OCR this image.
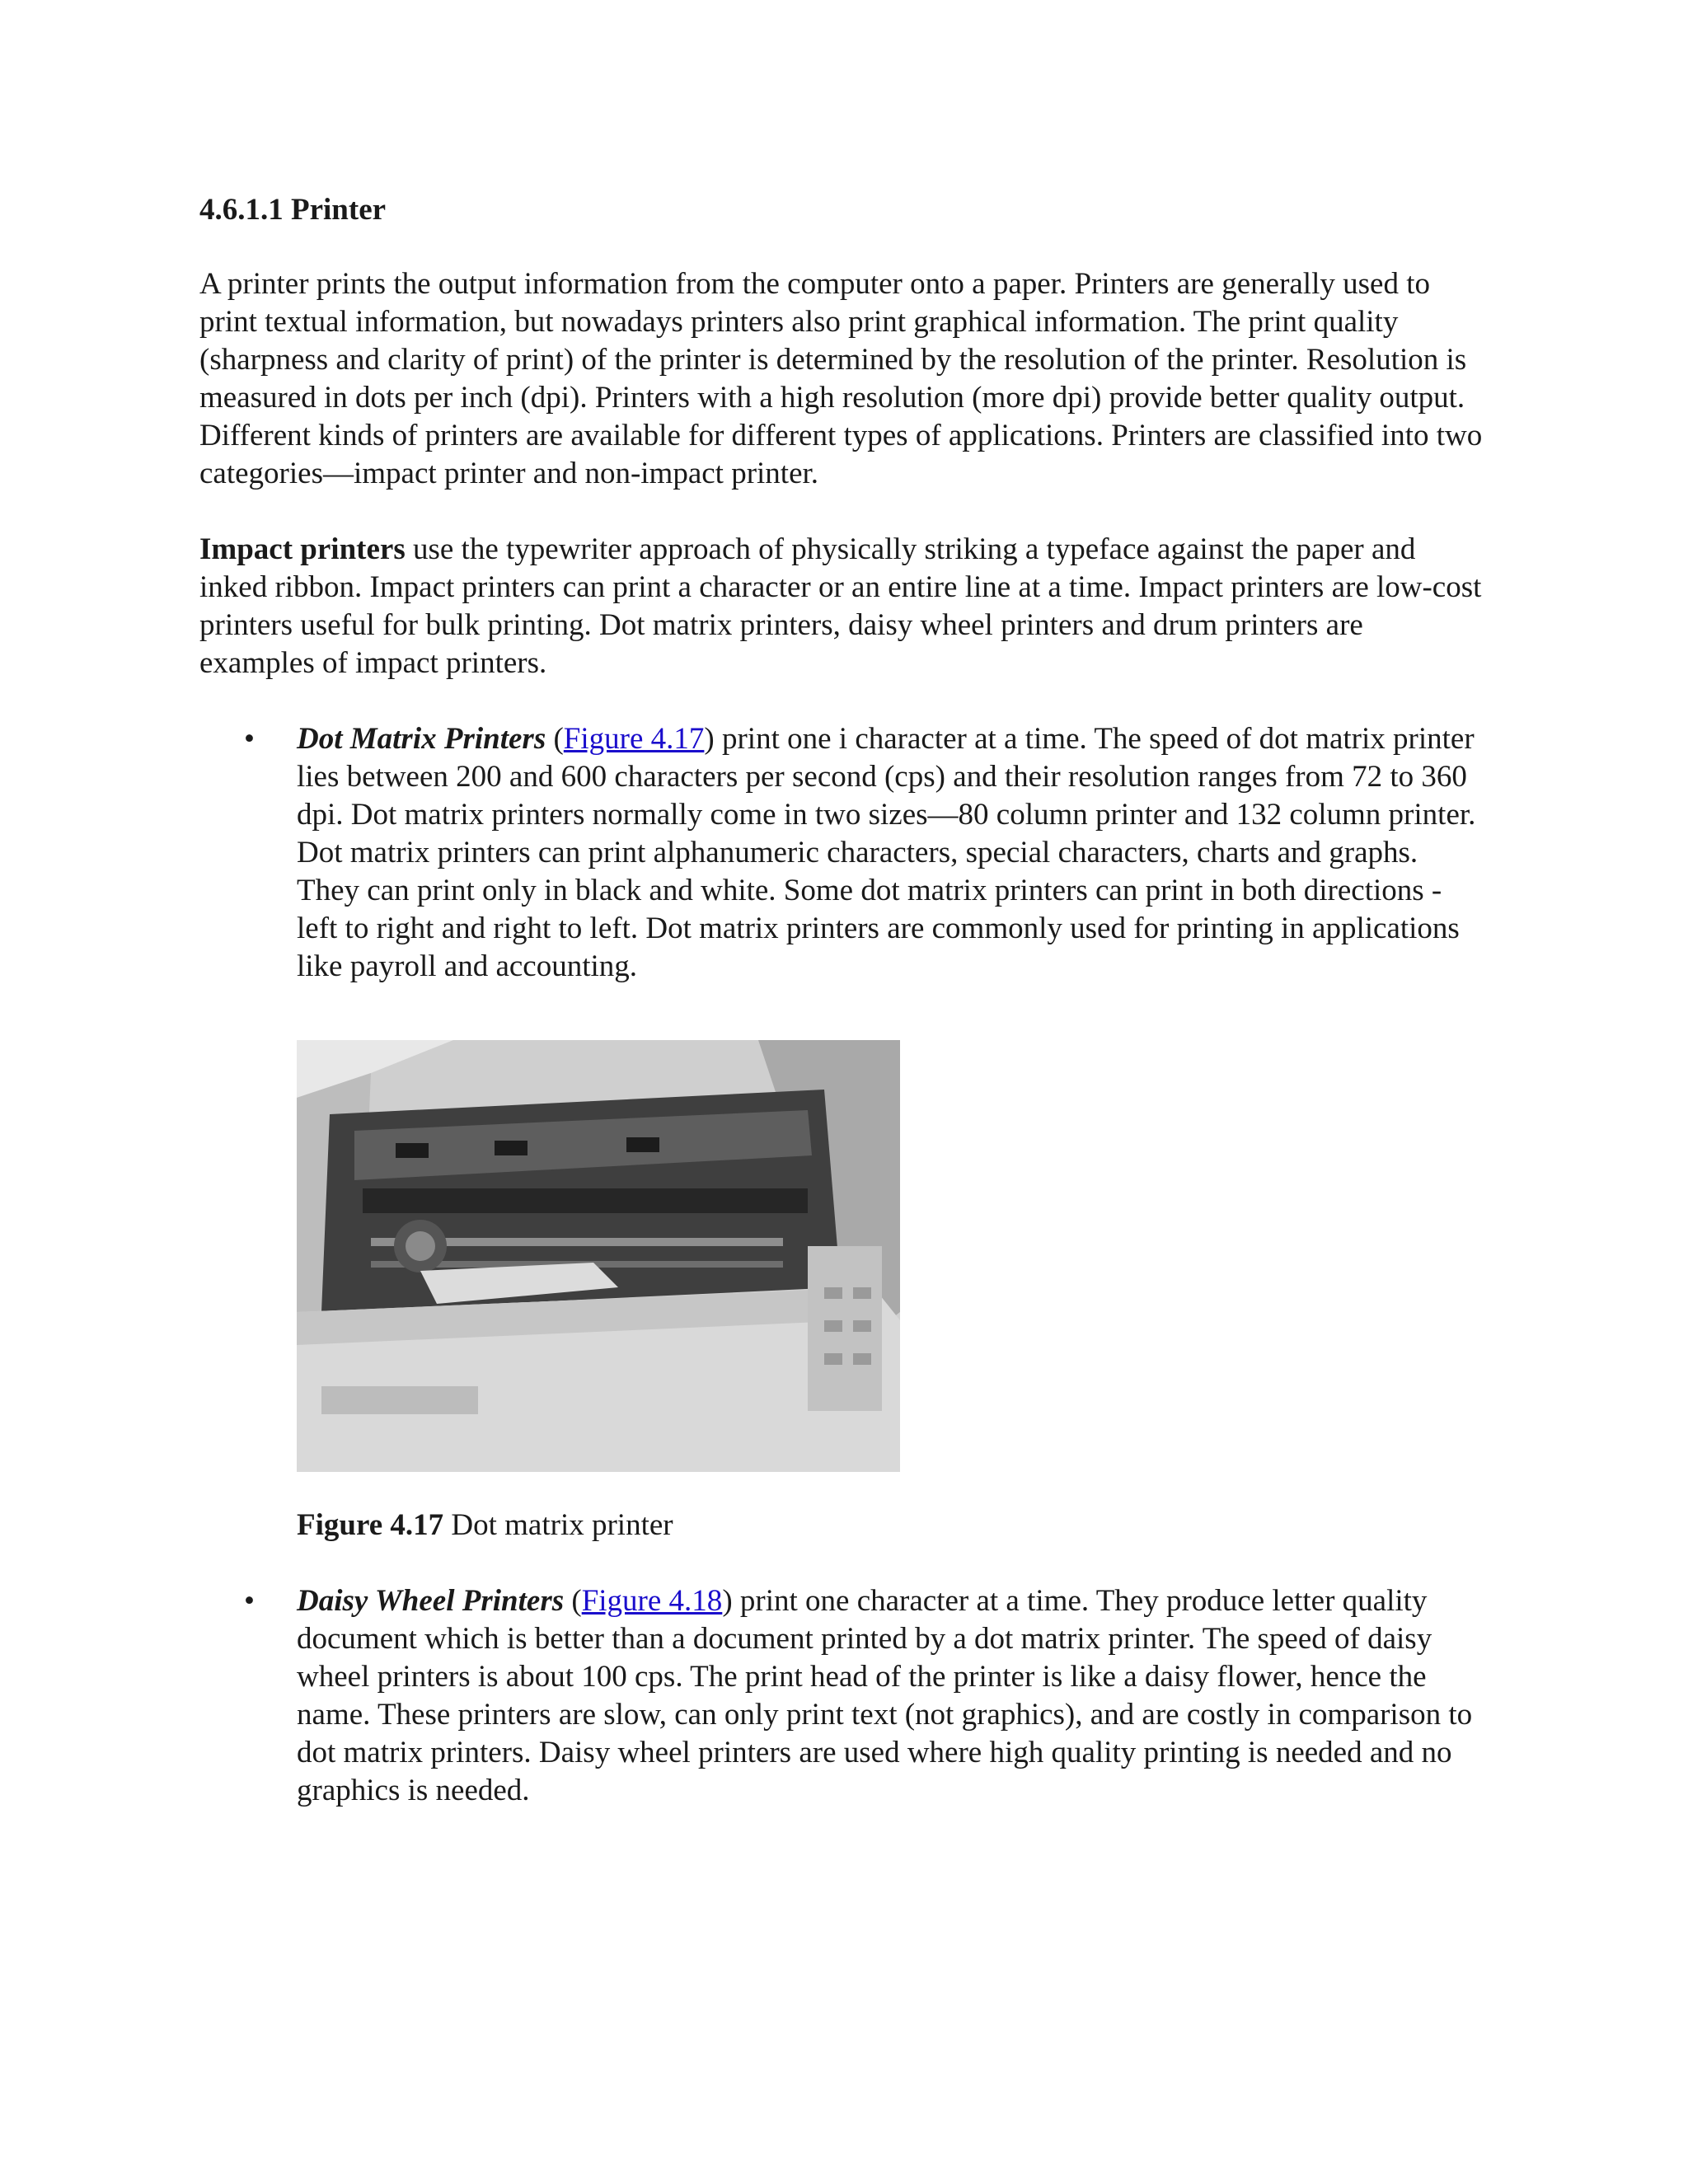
4.6.1.1 Printer

A printer prints the output information from the computer onto a paper. Printers are generally used to print textual information, but nowadays printers also print graphical information. The print quality (sharpness and clarity of print) of the printer is determined by the resolution of the printer. Resolution is measured in dots per inch (dpi). Printers with a high resolution (more dpi) provide better quality output. Different kinds of printers are available for different types of applications. Printers are classified into two categories—impact printer and non-impact printer.

Impact printers use the typewriter approach of physically striking a typeface against the paper and inked ribbon. Impact printers can print a character or an entire line at a time. Impact printers are low-cost printers useful for bulk printing. Dot matrix printers, daisy wheel printers and drum printers are examples of impact printers.

• Dot Matrix Printers (Figure 4.17) print one i character at a time. The speed of dot matrix printer lies between 200 and 600 characters per second (cps) and their resolution ranges from 72 to 360 dpi. Dot matrix printers normally come in two sizes—80 column printer and 132 column printer. Dot matrix printers can print alphanumeric characters, special characters, charts and graphs. They can print only in black and white. Some dot matrix printers can print in both directions - left to right and right to left. Dot matrix printers are commonly used for printing in applications like payroll and accounting.
Figure 4.17 Dot matrix printer
• Daisy Wheel Printers (Figure 4.18) print one character at a time. They produce letter quality document which is better than a document printed by a dot matrix printer. The speed of daisy wheel printers is about 100 cps. The print head of the printer is like a daisy flower, hence the name. These printers are slow, can only print text (not graphics), and are costly in comparison to dot matrix printers. Daisy wheel printers are used where high quality printing is needed and no graphics is needed.
